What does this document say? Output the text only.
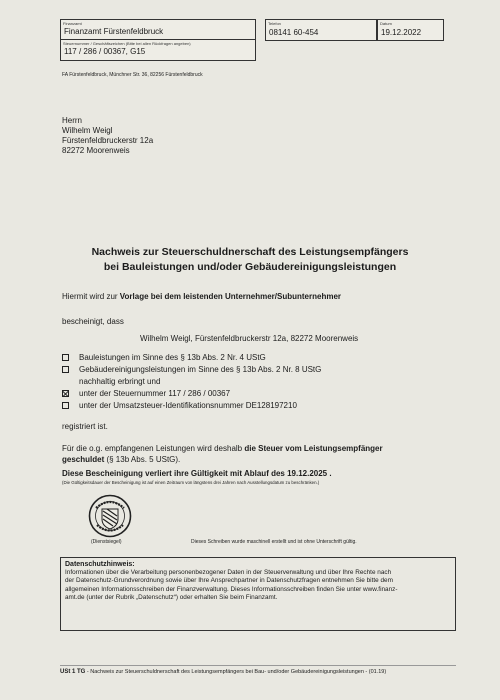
Finanzamt
Finanzamt Fürstenfeldbruck
Steuernummer / Geschäftszeichen (Bitte bei allen Rückfragen angeben)
117 / 286 / 00367, G15
Telefon
08141 60-454
Datum
19.12.2022
FA Fürstenfeldbruck, Münchner Str. 36, 82256 Fürstenfeldbruck
Herrn
Wilhelm Weigl
Fürstenfeldbruckerstr 12a
82272 Moorenweis
Nachweis zur Steuerschuldnerschaft des Leistungsempfängers
bei Bauleistungen und/oder Gebäudereinigungsleistungen
Hiermit wird zur Vorlage bei dem leistenden Unternehmer/Subunternehmer
bescheinigt, dass
Wilhelm Weigl, Fürstenfeldbruckerstr 12a, 82272 Moorenweis
Bauleistungen im Sinne des § 13b Abs. 2 Nr. 4 UStG
Gebäudereinigungsleistungen im Sinne des § 13b Abs. 2 Nr. 8 UStG
nachhaltig erbringt und
unter der Steuernummer 117 / 286 / 00367
unter der Umsatzsteuer-Identifikationsnummer DE128197210
registriert ist.
Für die o.g. empfangenen Leistungen wird deshalb die Steuer vom Leistungsempfänger
geschuldet (§ 13b Abs. 5 UStG).
Diese Bescheinigung verliert ihre Gültigkeit mit Ablauf des 19.12.2025 .
(Die Gültigkeitsdauer der Bescheinigung ist auf einen Zeitraum von längstens drei Jahren nach Ausstellungsdatum zu beschränken.)
(Dienstsiegel)	Dieses Schreiben wurde maschinell erstellt und ist ohne Unterschrift gültig.
Datenschutzhinweis:
Informationen über die Verarbeitung personenbezogener Daten in der Steuerverwaltung und über Ihre Rechte nach
der Datenschutz-Grundverordnung sowie über Ihre Ansprechpartner in Datenschutzfragen entnehmen Sie bitte dem
allgemeinen Informationsschreiben der Finanzverwaltung. Dieses Informationsschreiben finden Sie unter www.finanz-
amt.de (unter der Rubrik „Datenschutz“) oder erhalten Sie beim Finanzamt.
USt 1 TG - Nachweis zur Steuerschuldnerschaft des Leistungsempfängers bei Bau- und/oder Gebäudereinigungsleistungen - (01.19)
